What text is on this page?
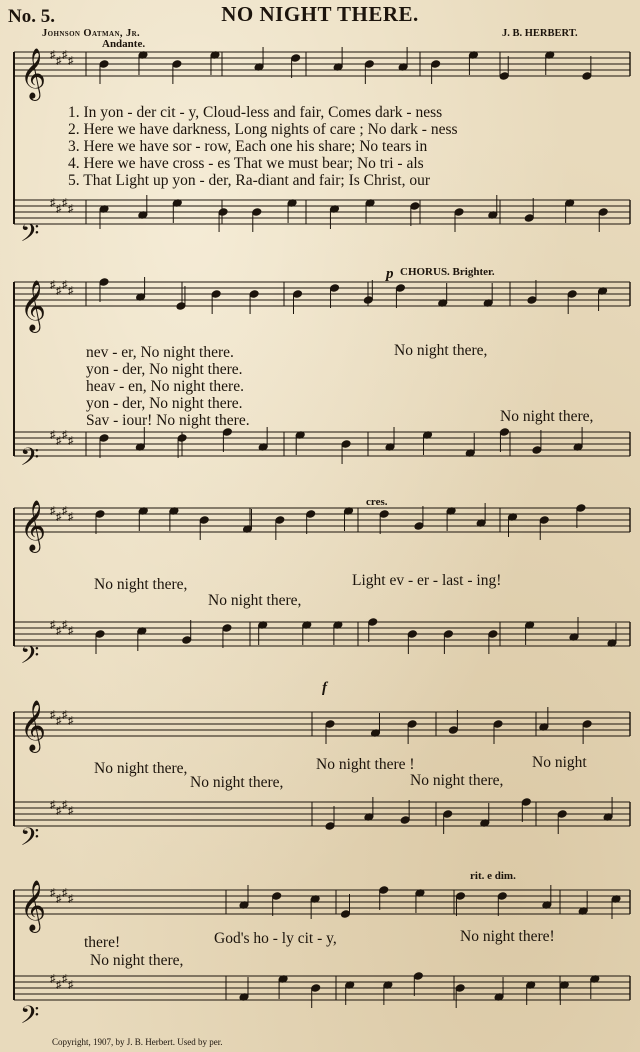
♯ ♯ ♯ ♯
♯ ♯ ♯ ♯
♯ ♯ ♯ ♯
♯ ♯ ♯ ♯
♯ ♯ ♯ ♯
♯ ♯ ♯ ♯
♯ ♯ ♯ ♯
♯ ♯ ♯ ♯
♯ ♯ ♯ ♯
♯ ♯ ♯ ♯
𝄞
𝄞
𝄞
𝄞
𝄞
𝄢
𝄢
𝄢
𝄢
𝄢
No. 5.	NO NIGHT THERE.
Johnson Oatman, Jr.	J. B. HERBERT.
Andante.
1. In yon - der cit - y, Cloud-less and fair, Comes dark - ness
2. Here we have darkness, Long nights of care ; No dark - ness
3. Here we have sor - row, Each one his share; No tears in
4. Here we have cross - es That we must bear; No tri - als
5. That Light up yon - der, Ra-diant and fair; Is Christ, our
p CHORUS. Brighter.
nev - er, No night there.
yon - der, No night there.
heav - en, No night there.
yon - der, No night there.
Sav - iour! No night there.
No night there,
No night there,
cres.
No night there,	Light ev - er - last - ing!
No night there,
f
No night there,	No night there !	No night
No night there,	No night there,
rit. e dim.
there!	God's ho - ly cit - y,	No night there!
No night there,
Copyright, 1907, by J. B. Herbert. Used by per.
